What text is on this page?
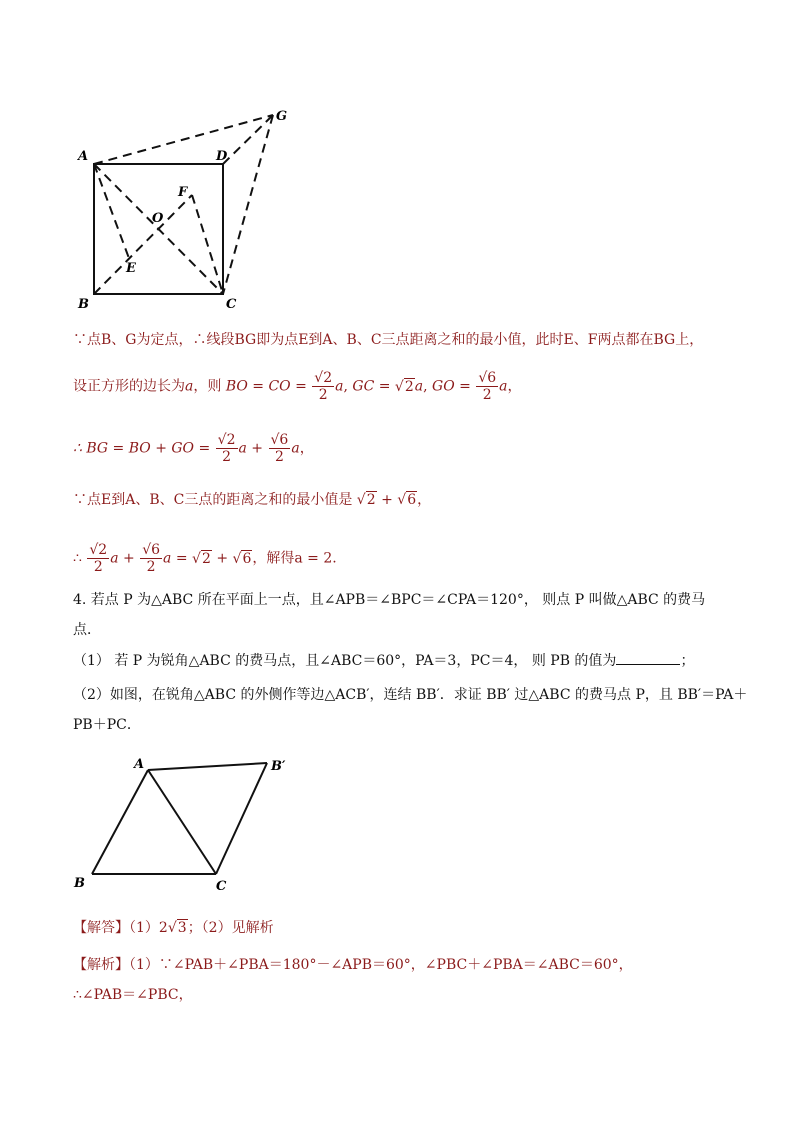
A	D
G
F
O
E
B	C
∵点B、G为定点，∴线段BG即为点E到A、B、C三点距离之和的最小值，此时E、F两点都在BG上，
设正方形的边长为a，则 BO = CO = $\frac{√2}{2} a$, GC = √2a, GO = $\frac{√6}{2}$ a，
∴ BG = BO + GO = $\frac{√2}{2}$ $a + \frac{√6}{2}$ a，
∵点E到A、B、C三点的距离之和的最小值是 √2 + √6，
∴ $\frac{√2}{2}$ $a + \frac{√6}{2}$ a = √2 + √6，解得a = 2.
4. 若点 P 为△ABC 所在平面上一点，且∠APB＝∠BPC＝∠CPA＝120°， 则点 P 叫做△ABC 的费马
点．
（1） 若 P 为锐角△ABC 的费马点，且∠ABC＝60°，PA＝3，PC＝4， 则 PB 的值为	；
（2）如图，在锐角△ABC 的外侧作等边△ACB′，连结 BB′．求证 BB′ 过△ABC 的费马点 P，且 BB′＝PA＋
PB＋PC．
A	B′
B	C
【解答】（1）2√3；（2）见解析
【解析】（1）∵∠PAB＋∠PBA＝180°－∠APB＝60°，∠PBC＋∠PBA＝∠ABC＝60°，
∴∠PAB＝∠PBC，
